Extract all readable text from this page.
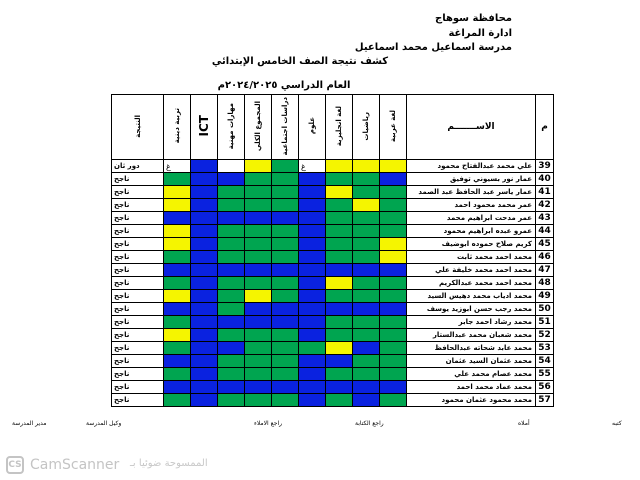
محافظة سوهاج
ادارة المراغة
مدرسة اسماعيل محمد اسماعيل
كشف نتيجة الصف الخامس الإبتدائي
العام الدراسي ٢٠٢٤/٢٠٢٥م
النتيجة	تربية دينية	ICT	مهارات مهنية	المجموع الكلي	دراسات اجتماعية	علوم	لغة انجليزية	رياضيات	لغة عربية	الاســـــــم	م
دور ثان	غ					غ				علي محمد عبدالفتاح محمود	39
ناجح										عمار نور بسيوني توفيق	40
ناجح										عمار ياسر عبد الحافظ عبد الصمد	41
ناجح										عمر محمد محمود احمد	42
ناجح										عمر مدحت ابراهيم محمد	43
ناجح										عمرو عبده ابراهيم محمود	44
ناجح										كريم صلاح حموده ابوضيف	45
ناجح										محمد احمد محمد ثابت	46
ناجح										محمد احمد محمد خليفة علي	47
ناجح										محمد احمد محمد عبدالكريم	48
ناجح										محمد ادياب محمد دهيس السيد	49
ناجح										محمد رجب حسن ابوزيد يوسف	50
ناجح										محمد رشاد احمد جابر	51
ناجح										محمد شعبان محمد عبدالستار	52
ناجح										محمد عابد شحاته عبدالحافظ	53
ناجح										محمد عثمان السيد عثمان	54
ناجح										محمد عصام محمد علي	55
ناجح										محمد عماد محمد احمد	56
ناجح										محمد محمود عثمان محمود	57
كتبه
أملاه
راجع الكتابة
راجع الاملاء
وكيل المدرسة
مدير المدرسة
CS CamScanner الممسوحة ضوئيا بـ
